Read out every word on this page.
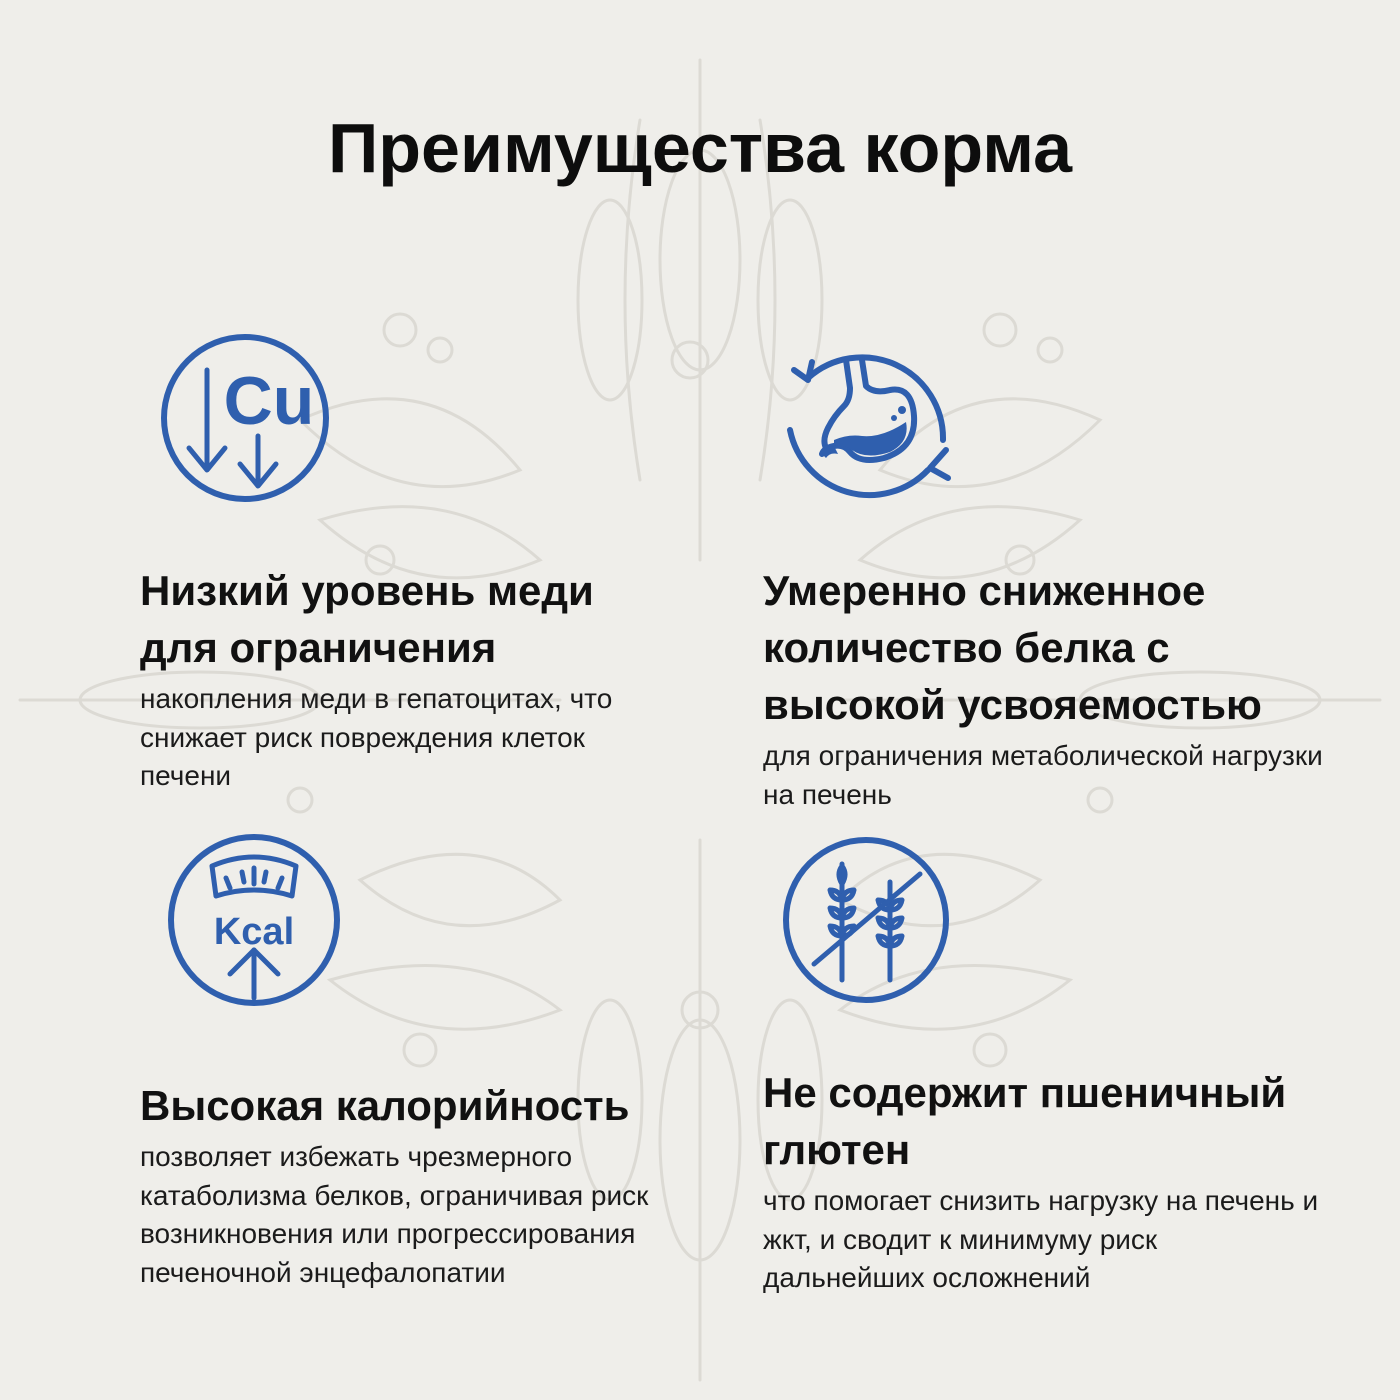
Преимущества корма
Cu
Kcal
Низкий уровень меди для ограничения

накопления меди в гепатоцитах, что снижает риск повреждения клеток печени

Умеренно сниженное количество белка с высокой усвояемостью

для ограничения метаболической нагрузки на печень

Высокая калорийность

позволяет избежать чрезмерного катаболизма белков, ограничивая риск возникновения или прогрессирования печеночной энцефалопатии

Не содержит пшеничный глютен

что помогает снизить нагрузку на печень и жкт, и сводит к минимуму риск дальнейших осложнений
